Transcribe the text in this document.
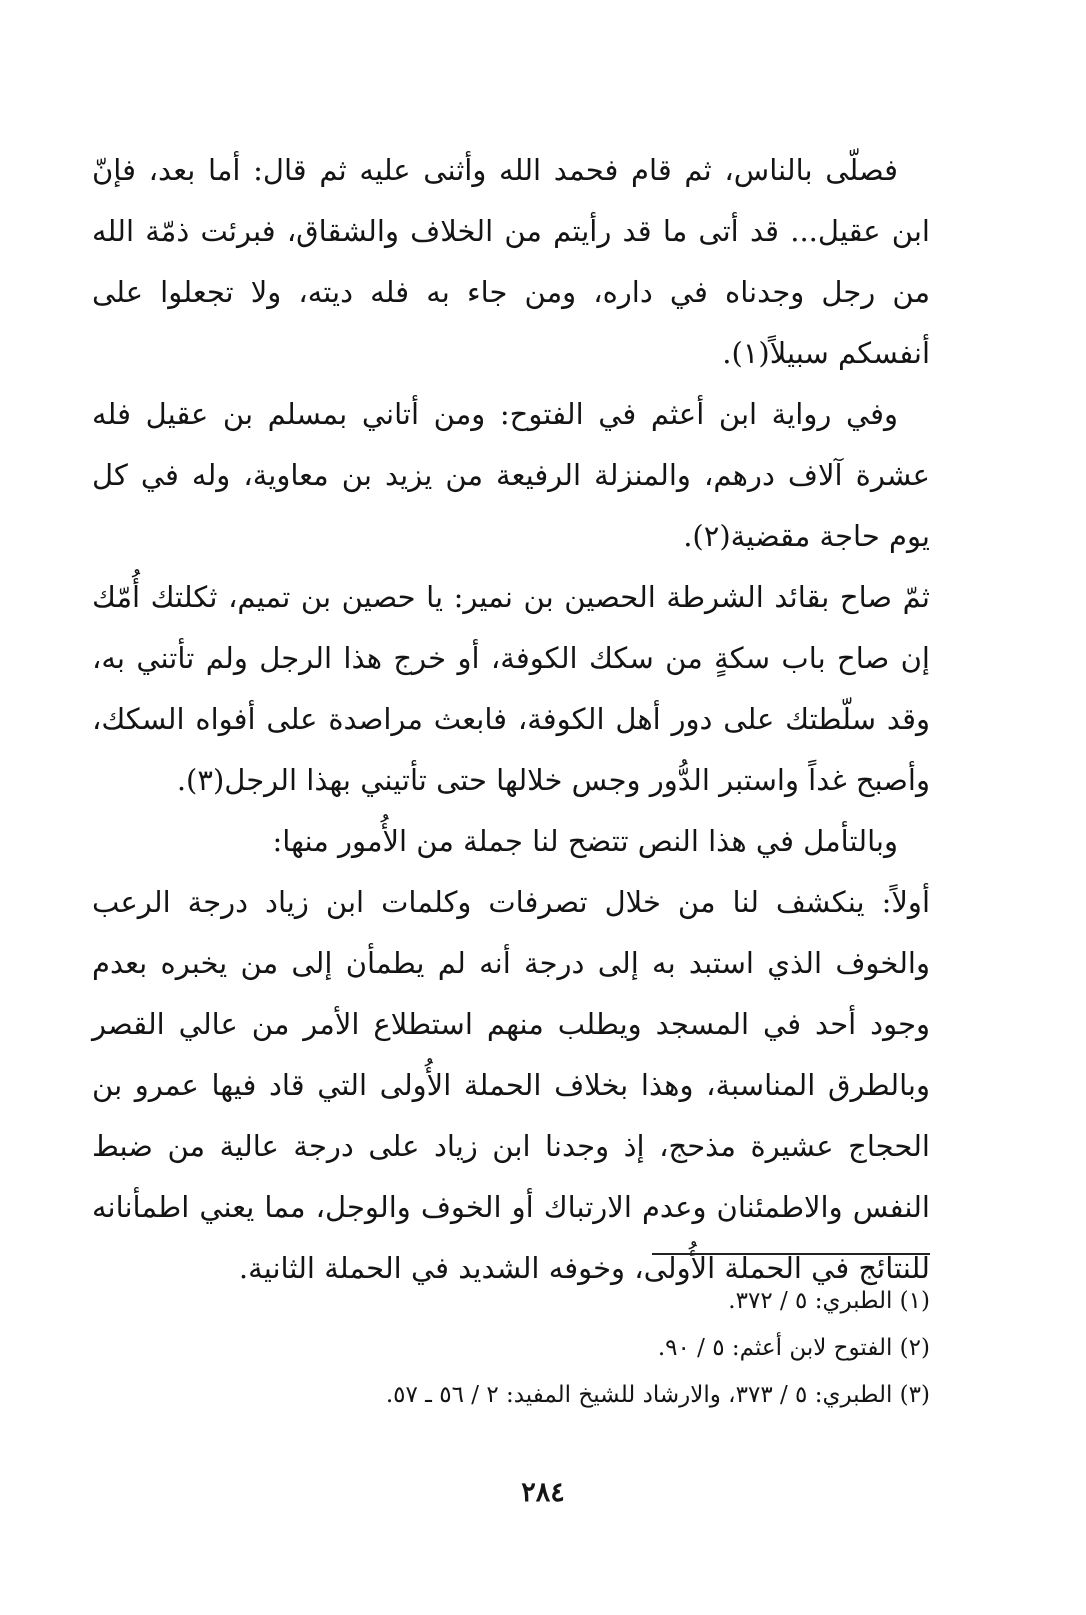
فصلّى بالناس، ثم قام فحمد الله وأثنى عليه ثم قال: أما بعد، فإنّ ابن عقيل... قد أتى ما قد رأيتم من الخلاف والشقاق، فبرئت ذمّة الله من رجل وجدناه في داره، ومن جاء به فله ديته، ولا تجعلوا على أنفسكم سبيلاً(١).

وفي رواية ابن أعثم في الفتوح: ومن أتاني بمسلم بن عقيل فله عشرة آلاف درهم، والمنزلة الرفيعة من يزيد بن معاوية، وله في كل يوم حاجة مقضية(٢).

ثمّ صاح بقائد الشرطة الحصين بن نمير: يا حصين بن تميم، ثكلتك أُمّك إن صاح باب سكةٍ من سكك الكوفة، أو خرج هذا الرجل ولم تأتني به، وقد سلّطتك على دور أهل الكوفة، فابعث مراصدة على أفواه السكك، وأصبح غداً واستبر الدُّور وجس خلالها حتى تأتيني بهذا الرجل(٣).

وبالتأمل في هذا النص تتضح لنا جملة من الأُمور منها:

أولاً: ينكشف لنا من خلال تصرفات وكلمات ابن زياد درجة الرعب والخوف الذي استبد به إلى درجة أنه لم يطمأن إلى من يخبره بعدم وجود أحد في المسجد ويطلب منهم استطلاع الأمر من عالي القصر وبالطرق المناسبة، وهذا بخلاف الحملة الأُولى التي قاد فيها عمرو بن الحجاج عشيرة مذحج، إذ وجدنا ابن زياد على درجة عالية من ضبط النفس والاطمئنان وعدم الارتباك أو الخوف والوجل، مما يعني اطمأنانه للنتائج في الحملة الأُولى، وخوفه الشديد في الحملة الثانية.

(١) الطبري: ٥ / ٣٧٢.

(٢) الفتوح لابن أعثم: ٥ / ٩٠.

(٣) الطبري: ٥ / ٣٧٣، والارشاد للشيخ المفيد: ٢ / ٥٦ ـ ٥٧.

٢٨٤
